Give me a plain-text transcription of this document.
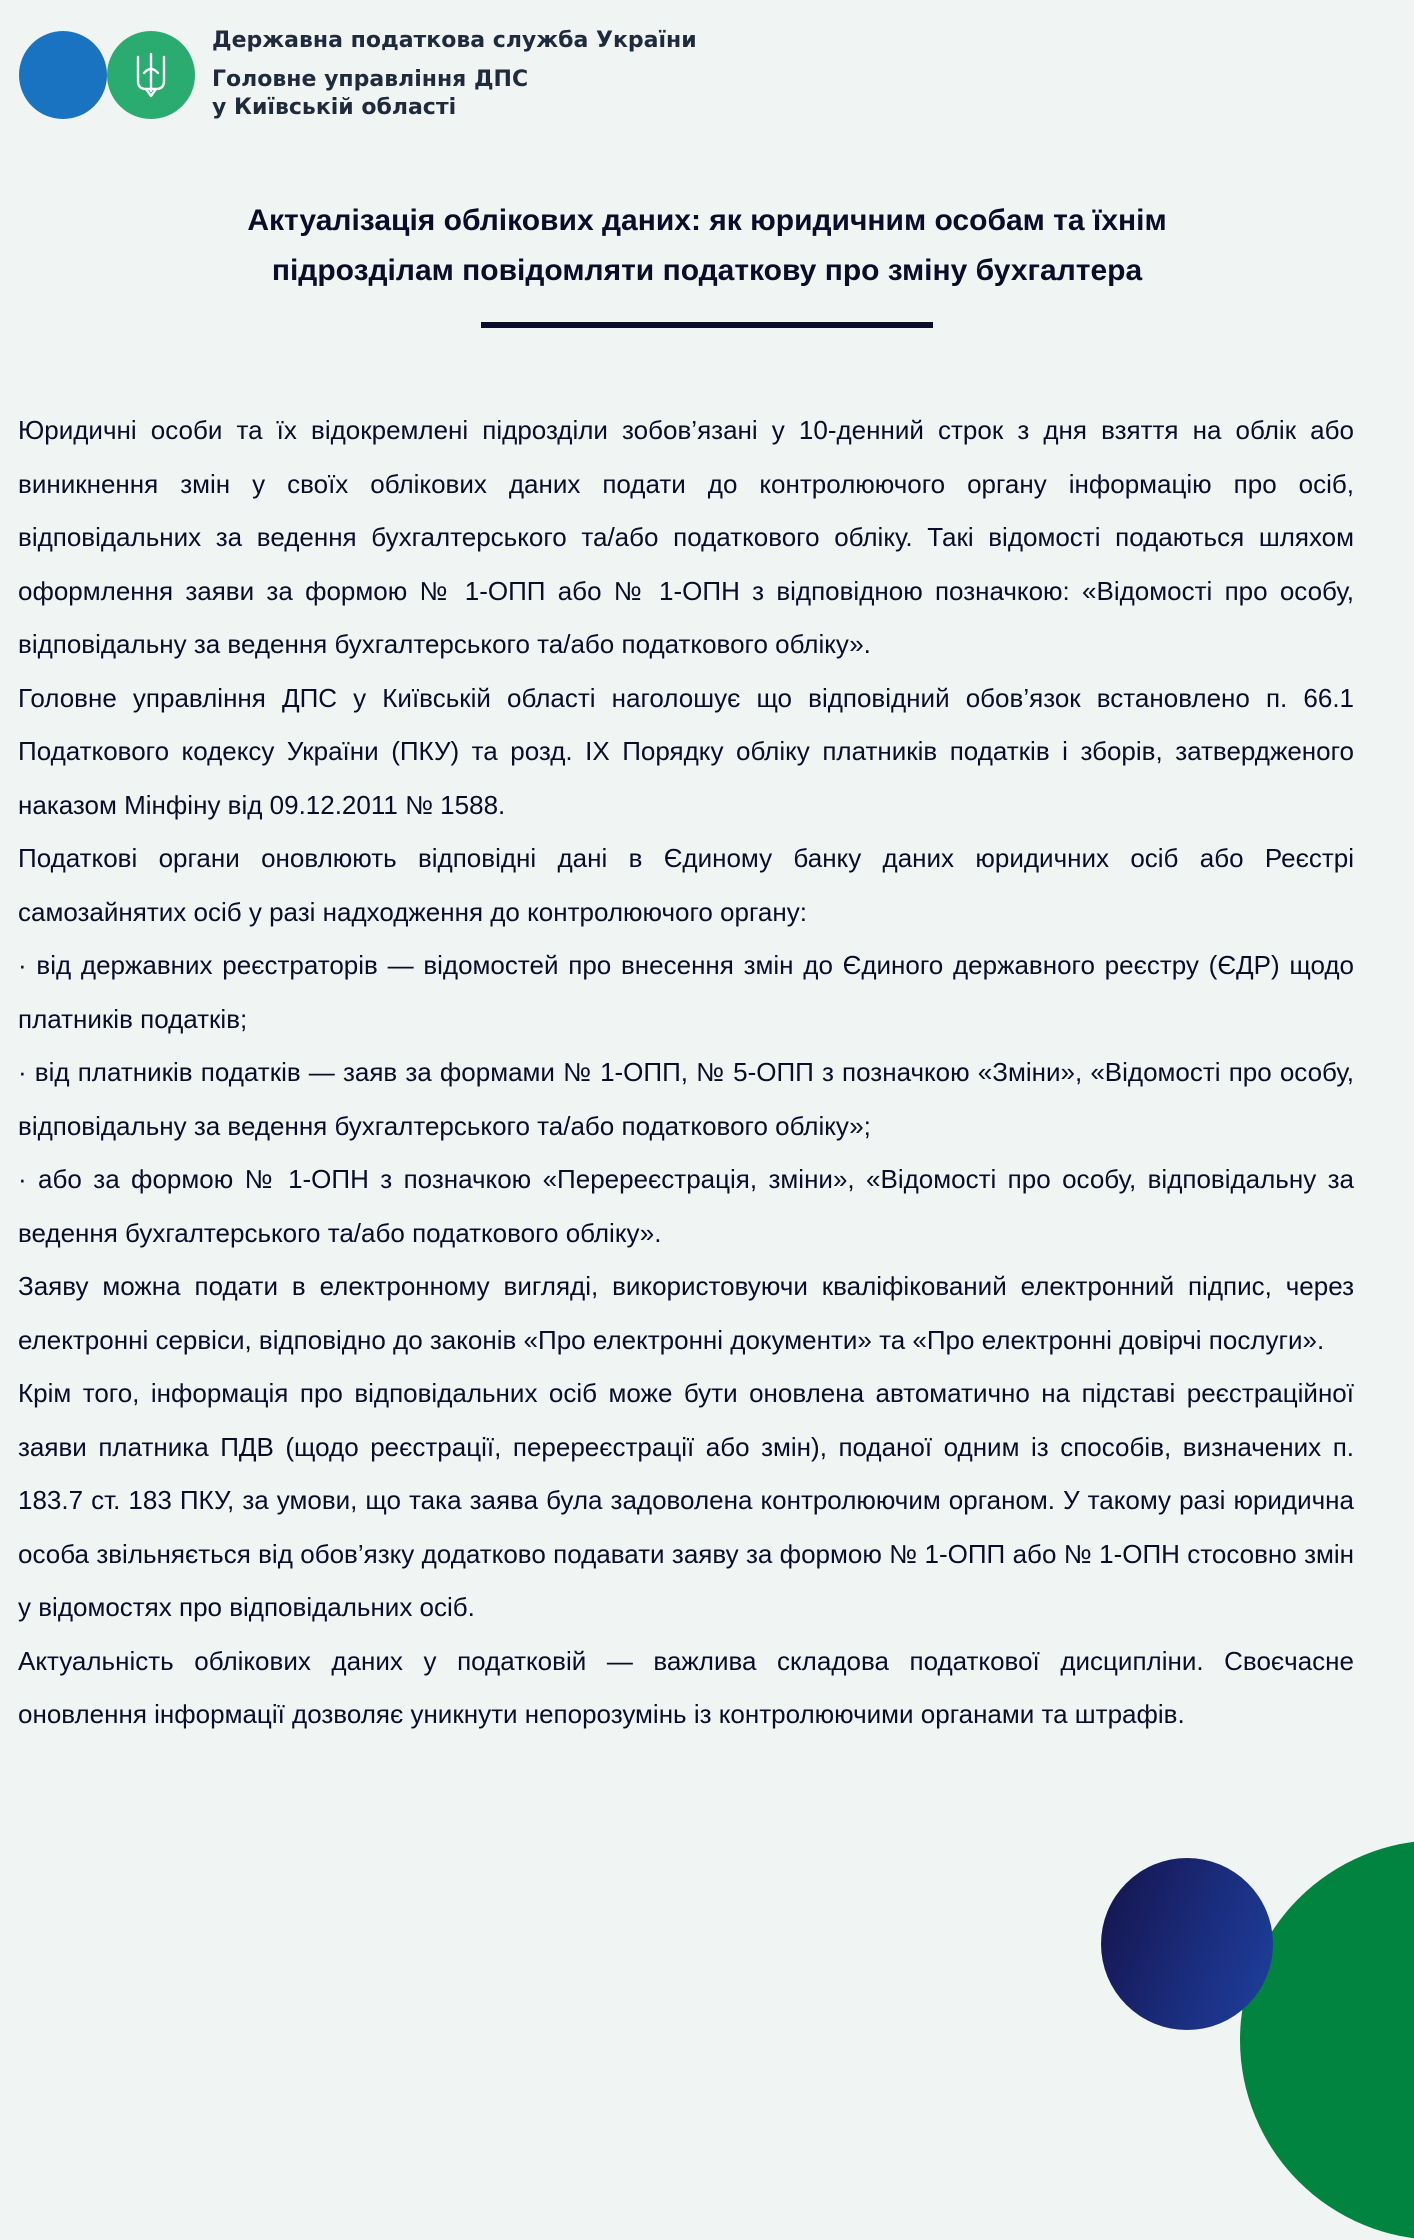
Державна податкова служба України

Головне управління ДПС
у Київській області
Актуалізація облікових даних: як юридичним особам та їхнім
підрозділам повідомляти податкову про зміну бухгалтера

Юридичні особи та їх відокремлені підрозділи зобов’язані у 10-денний строк з дня взяття на облік або виникнення змін у своїх облікових даних подати до контролюючого органу інформацію про осіб, відповідальних за ведення бухгалтерського та/або податкового обліку. Такі відомості подаються шляхом оформлення заяви за формою № 1-ОПП або № 1-ОПН з відповідною позначкою: «Відомості про особу, відповідальну за ведення бухгалтерського та/або податкового обліку».

Головне управління ДПС у Київській області наголошує що відповідний обов’язок встановлено п. 66.1 Податкового кодексу України (ПКУ) та розд. IX Порядку обліку платників податків і зборів, затвердженого наказом Мінфіну від 09.12.2011 № 1588.

Податкові органи оновлюють відповідні дані в Єдиному банку даних юридичних осіб або Реєстрі самозайнятих осіб у разі надходження до контролюючого органу:

· від державних реєстраторів — відомостей про внесення змін до Єдиного державного реєстру (ЄДР) щодо платників податків;

· від платників податків — заяв за формами № 1-ОПП, № 5-ОПП з позначкою «Зміни», «Відомості про особу, відповідальну за ведення бухгалтерського та/або податкового обліку»;

· або за формою № 1-ОПН з позначкою «Перереєстрація, зміни», «Відомості про особу, відповідальну за ведення бухгалтерського та/або податкового обліку».

Заяву можна подати в електронному вигляді, використовуючи кваліфікований електронний підпис, через електронні сервіси, відповідно до законів «Про електронні документи» та «Про електронні довірчі послуги».

Крім того, інформація про відповідальних осіб може бути оновлена автоматично на підставі реєстраційної заяви платника ПДВ (щодо реєстрації, перереєстрації або змін), поданої одним із способів, визначених п. 183.7 ст. 183 ПКУ, за умови, що така заява була задоволена контролюючим органом. У такому разі юридична особа звільняється від обов’язку додатково подавати заяву за формою № 1-ОПП або № 1-ОПН стосовно змін у відомостях про відповідальних осіб.

Актуальність облікових даних у податковій — важлива складова податкової дисципліни. Своєчасне оновлення інформації дозволяє уникнути непорозумінь із контролюючими органами та штрафів.
